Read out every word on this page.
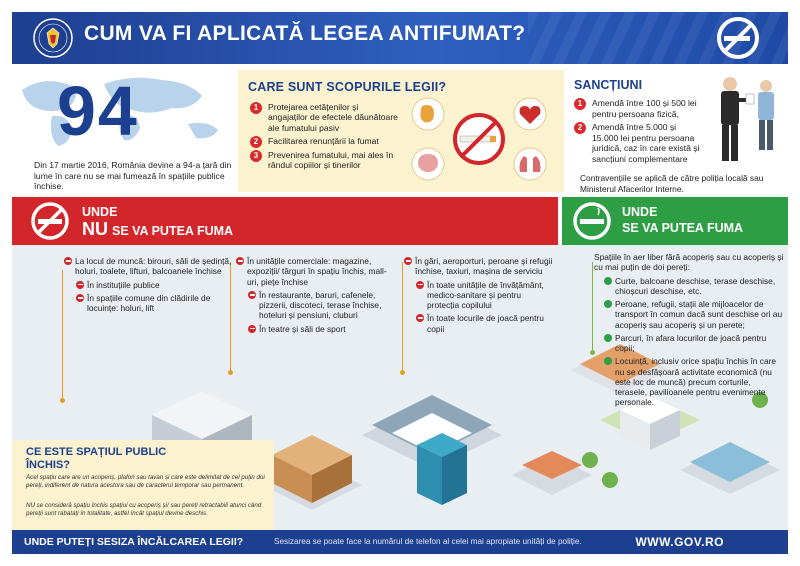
CUM VA FI APLICATĂ LEGEA ANTIFUMAT?
94
Din 17 martie 2016, România devine a 94-a țară din lume în care nu se mai fumează în spațiile publice închise.
CARE SUNT SCOPURILE LEGII?
1	Protejarea cetățenilor și angajaților de efectele dăunătoare ale fumatului pasiv
2	Facilitarea renunțării la fumat
3	Prevenirea fumatului, mai ales în rândul copiilor și tinerilor
SANCȚIUNI
1	Amendă între 100 și 500 lei pentru persoana fizică,
2	Amendă între 5.000 și 15.000 lei pentru persoana juridică, caz în care există și sancțiuni complementare
Contravențiile se aplică de către poliția locală sau Ministerul Afacerilor Interne.
UNDE
NU SE VA PUTEA FUMA
UNDE
SE VA PUTEA FUMA
La locul de muncă: birouri, săli de ședință, holuri, toalete, lifturi, balcoanele închise
În instituțiile publice
În spațiile comune din clădirile de locuințe: holuri, lift
În unitățile comerciale: magazine, expoziții/ târguri în spațiu închis, mall-uri, piețe închise
În restaurante, baruri, cafenele, pizzerii, discoteci, terase închise, hoteluri și pensiuni, cluburi
În teatre și săli de sport
În gări, aeroporturi, peroane și refugii închise, taxiuri, mașina de serviciu
În toate unitățile de învățământ, medico-sanitare și pentru protecția copilului
În toate locurile de joacă pentru copii
Spațiile în aer liber fără acoperiș sau cu acoperiș și cu mai puțin de doi pereți:
Curte, balcoane deschise, terase deschise, chioșcuri deschise, etc.
Peroane, refugii, stații ale mijloacelor de transport în comun dacă sunt deschise ori au acoperiș sau acoperiș și un perete;
Parcuri, în afara locurilor de joacă pentru copii;
Locuință, inclusiv orice spațiu închis în care nu se desfășoară activitate economică (nu este loc de muncă) precum corturile, terasele, pavilioanele pentru evenimente personale.
CE ESTE SPAȚIUL PUBLIC ÎNCHIS?
Acel spațiu care are un acoperiș, plafon sau tavan și care este delimitat de cel puțin doi pereți, indiferent de natura acestora sau de caracterul temporar sau permanent.
NU se consideră spațiu închis spațiul cu acoperiș și/ sau pereți retractabili atunci când pereții sunt rabatați în totalitate, astfel încât spațiul devine deschis.
UNDE PUTEȚI SESIZA ÎNCĂLCAREA LEGII?	Sesizarea se poate face la numărul de telefon al celei mai apropiate unități de poliție.	WWW.GOV.RO
